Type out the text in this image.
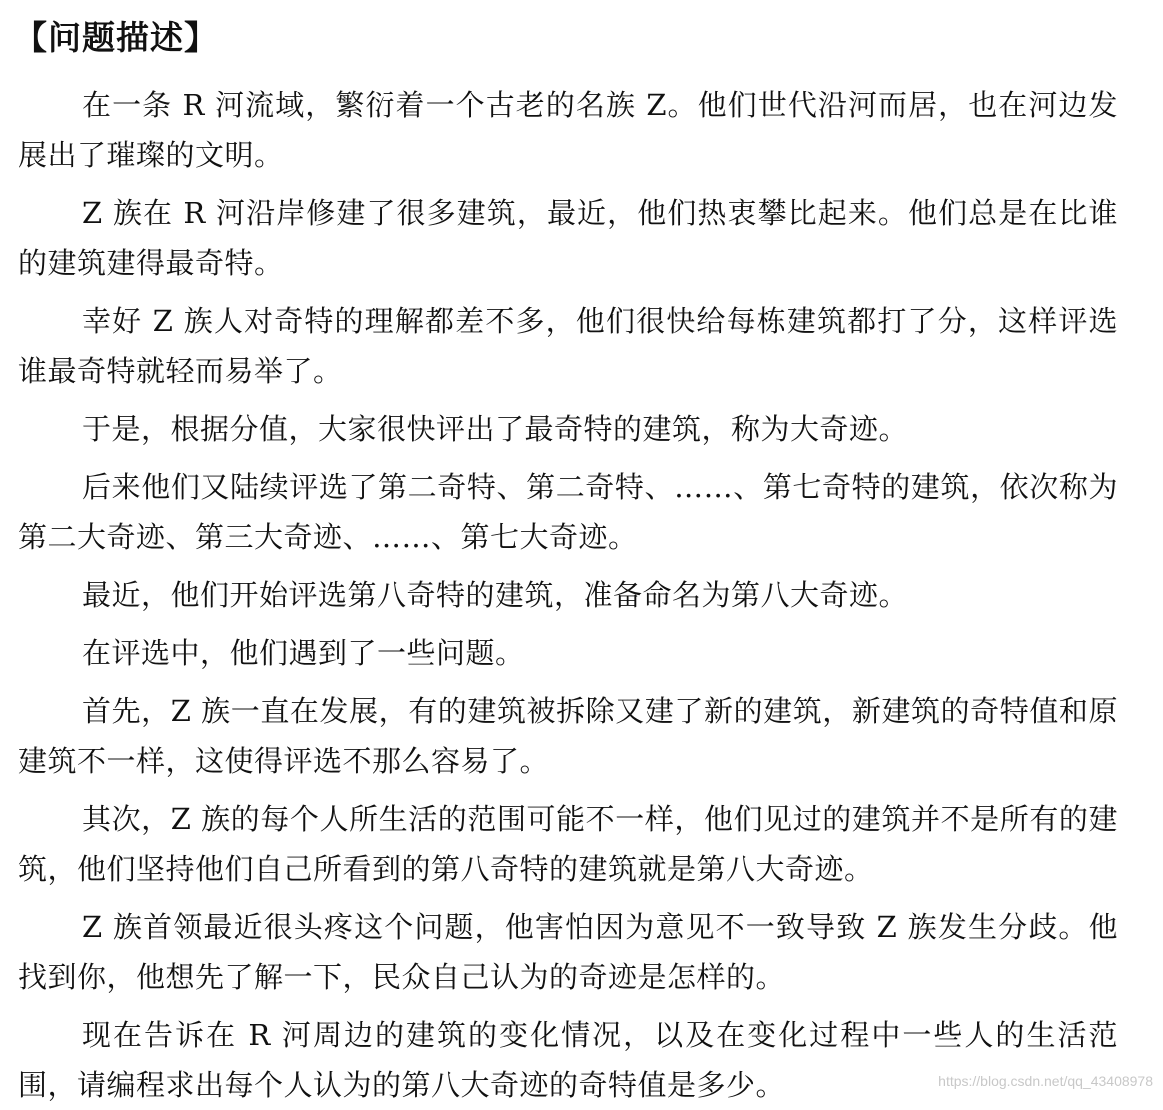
【问题描述】

在一条 R 河流域，繁衍着一个古老的名族 Z。他们世代沿河而居，也在河边发展出了璀璨的文明。

Z 族在 R 河沿岸修建了很多建筑，最近，他们热衷攀比起来。他们总是在比谁的建筑建得最奇特。

幸好 Z 族人对奇特的理解都差不多，他们很快给每栋建筑都打了分，这样评选谁最奇特就轻而易举了。

于是，根据分值，大家很快评出了最奇特的建筑，称为大奇迹。

后来他们又陆续评选了第二奇特、第二奇特、……、第七奇特的建筑，依次称为第二大奇迹、第三大奇迹、……、第七大奇迹。

最近，他们开始评选第八奇特的建筑，准备命名为第八大奇迹。

在评选中，他们遇到了一些问题。

首先，Z 族一直在发展，有的建筑被拆除又建了新的建筑，新建筑的奇特值和原建筑不一样，这使得评选不那么容易了。

其次，Z 族的每个人所生活的范围可能不一样，他们见过的建筑并不是所有的建筑，他们坚持他们自己所看到的第八奇特的建筑就是第八大奇迹。

Z 族首领最近很头疼这个问题，他害怕因为意见不一致导致 Z 族发生分歧。他找到你，他想先了解一下，民众自己认为的奇迹是怎样的。

现在告诉在 R 河周边的建筑的变化情况，以及在变化过程中一些人的生活范围，请编程求出每个人认为的第八大奇迹的奇特值是多少。	https://blog.csdn.net/qq_43408978
